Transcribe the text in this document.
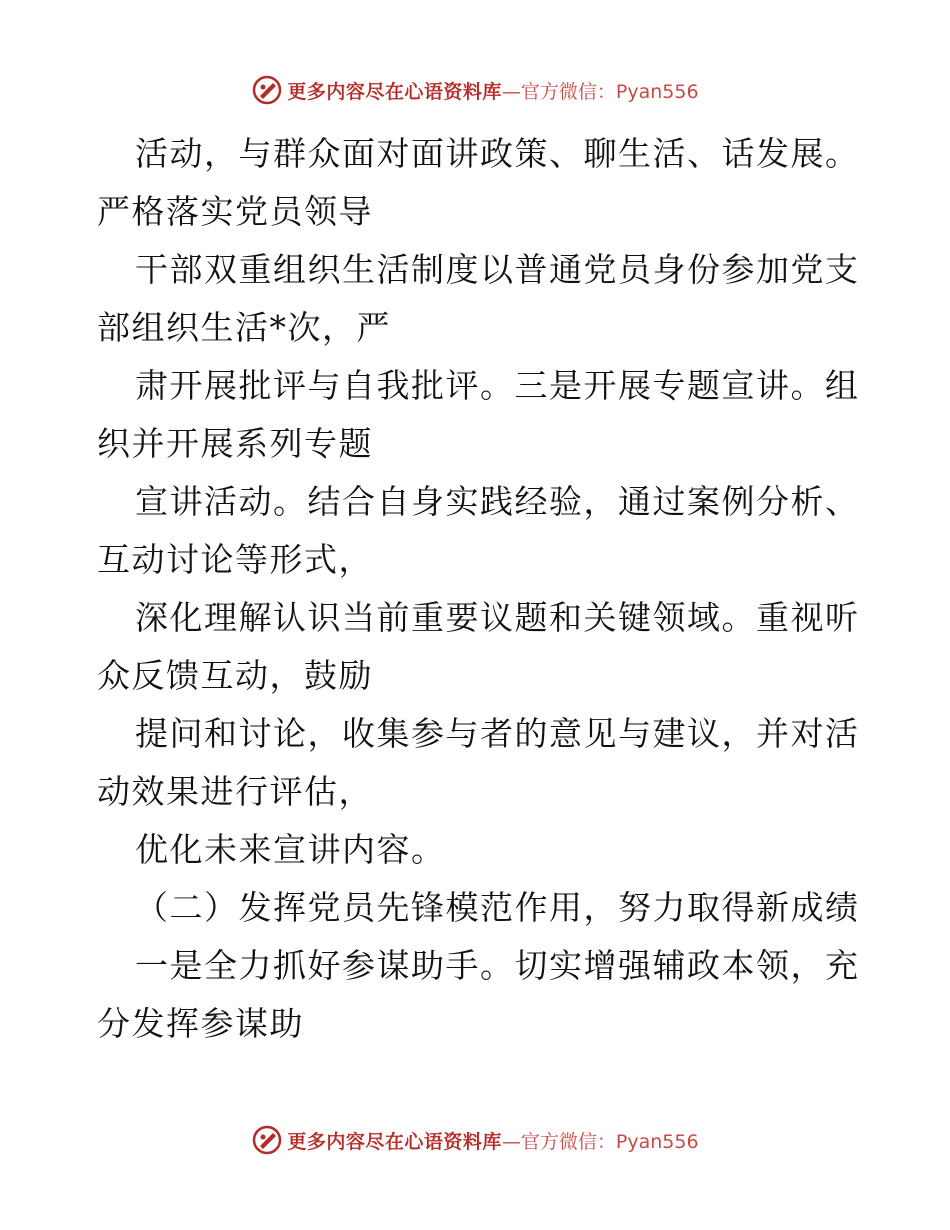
更多内容尽在心语资料库 —官方微信：Pyan556
活动，与群众面对面讲政策、聊生活、话发展。
严格落实党员领导
干部双重组织生活制度以普通党员身份参加党支
部组织生活*次，严
肃开展批评与自我批评。三是开展专题宣讲。组
织并开展系列专题
宣讲活动。结合自身实践经验，通过案例分析、
互动讨论等形式，
深化理解认识当前重要议题和关键领域。重视听
众反馈互动，鼓励
提问和讨论，收集参与者的意见与建议，并对活
动效果进行评估，
优化未来宣讲内容。
（二）发挥党员先锋模范作用，努力取得新成绩
一是全力抓好参谋助手。切实增强辅政本领，充
分发挥参谋助
更多内容尽在心语资料库 —官方微信：Pyan556
